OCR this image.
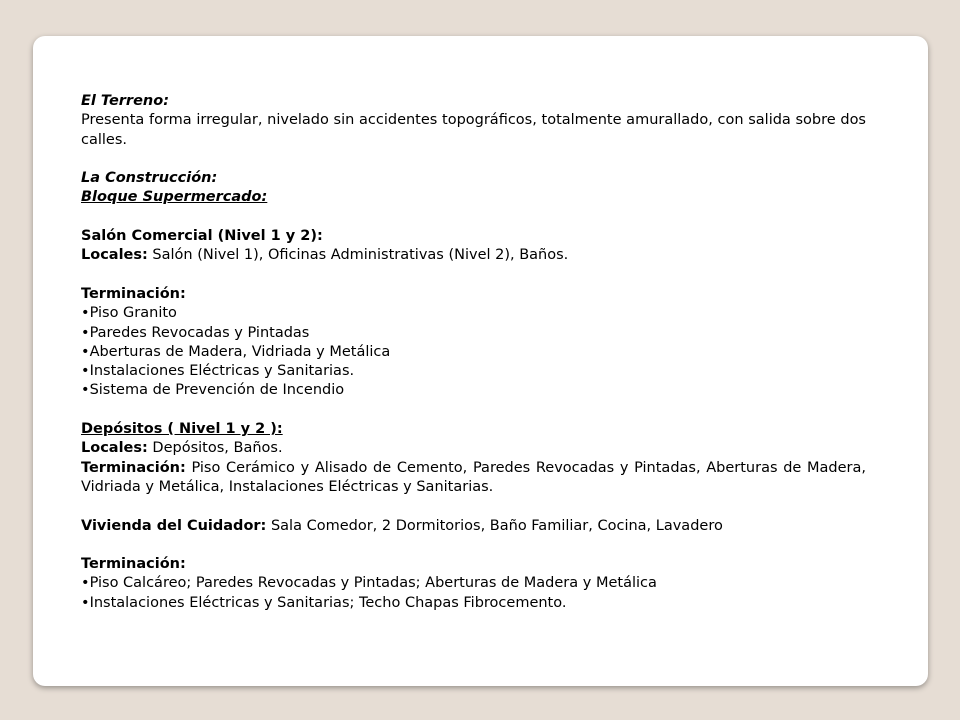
El Terreno:

Presenta forma irregular, nivelado sin accidentes topográficos, totalmente amurallado, con salida sobre dos calles.

La Construcción:

Bloque Supermercado:

Salón Comercial (Nivel 1 y 2):

Locales: Salón (Nivel 1), Oficinas Administrativas (Nivel 2), Baños.

Terminación:

• Piso Granito

• Paredes Revocadas y Pintadas

• Aberturas de Madera, Vidriada y Metálica

• Instalaciones Eléctricas y Sanitarias.

• Sistema de Prevención de Incendio

Depósitos ( Nivel 1 y 2 ):

Locales: Depósitos, Baños.

Terminación: Piso Cerámico y Alisado de Cemento, Paredes Revocadas y Pintadas, Aberturas de Madera, Vidriada y Metálica, Instalaciones Eléctricas y Sanitarias.

Vivienda del Cuidador: Sala Comedor, 2 Dormitorios, Baño Familiar, Cocina, Lavadero

Terminación:

• Piso Calcáreo; Paredes Revocadas y Pintadas; Aberturas de Madera y Metálica

• Instalaciones Eléctricas y Sanitarias; Techo Chapas Fibrocemento.
